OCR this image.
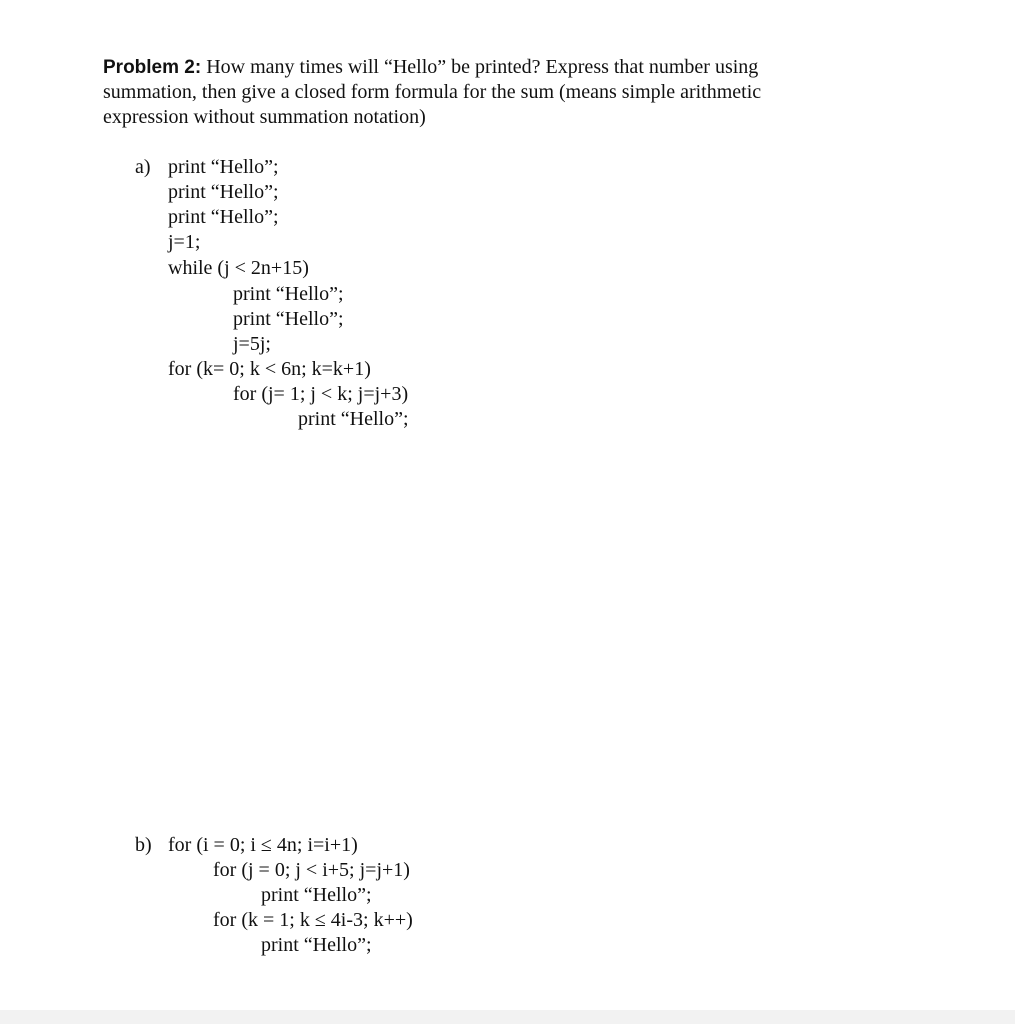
Problem 2: How many times will “Hello” be printed? Express that number using
summation, then give a closed form formula for the sum (means simple arithmetic
expression without summation notation)

a) print “Hello”;
print “Hello”;
print “Hello”;
j=1;
while (j < 2n+15)
print “Hello”;
print “Hello”;
j=5j;
for (k= 0; k < 6n; k=k+1)
for (j= 1; j < k; j=j+3)
print “Hello”;
b) for (i = 0; i ≤ 4n; i=i+1)
for (j = 0; j < i+5; j=j+1)
print “Hello”;
for (k = 1; k ≤ 4i-3; k++)
print “Hello”;
